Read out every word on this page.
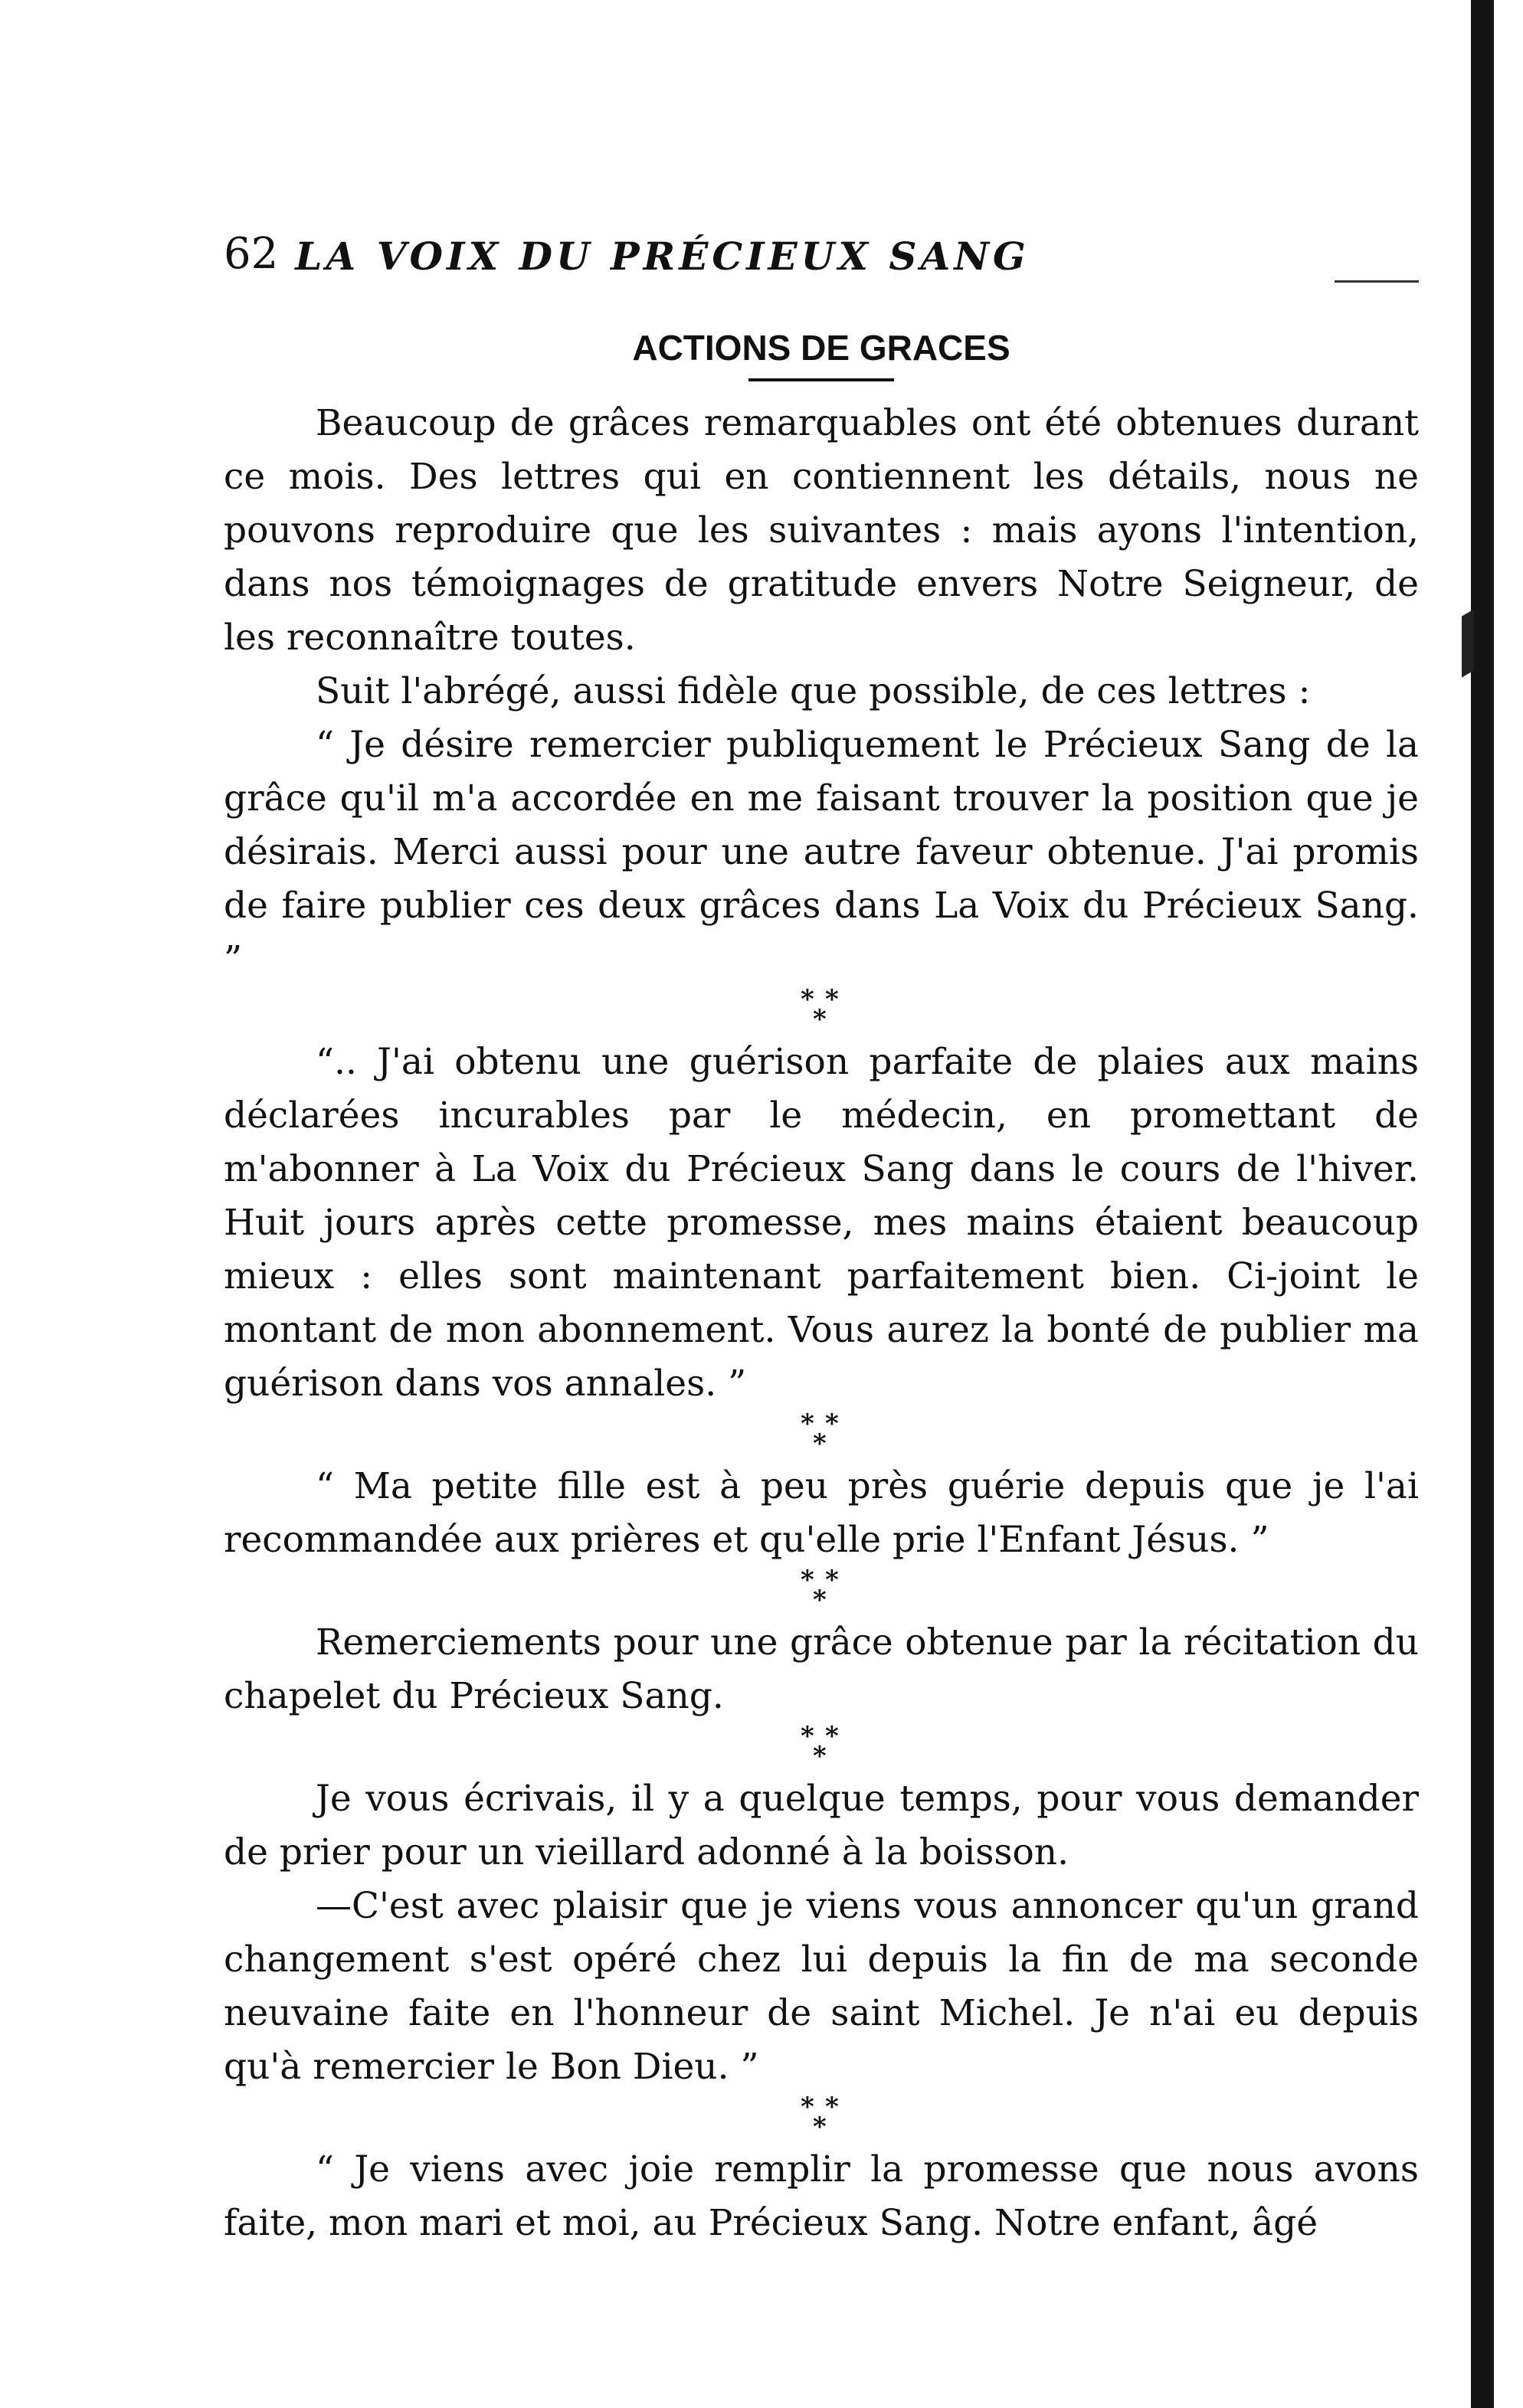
62 LA VOIX DU PRÉCIEUX SANG
ACTIONS DE GRACES

Beaucoup de grâces remarquables ont été obtenues durant ce mois. Des lettres qui en contiennent les détails, nous ne pouvons reproduire que les suivantes : mais ayons l'intention, dans nos témoignages de gratitude envers Notre Seigneur, de les reconnaître toutes.

Suit l'abrégé, aussi fidèle que possible, de ces lettres :

“ Je désire remercier publiquement le Précieux Sang de la grâce qu'il m'a accordée en me faisant trouver la position que je désirais. Merci aussi pour une autre faveur obtenue. J'ai promis de faire publier ces deux grâces dans La Voix du Précieux Sang. ”

* *
*

“.. J'ai obtenu une guérison parfaite de plaies aux mains déclarées incurables par le médecin, en promettant de m'abonner à La Voix du Précieux Sang dans le cours de l'hiver. Huit jours après cette promesse, mes mains étaient beaucoup mieux : elles sont maintenant parfaitement bien. Ci-joint le montant de mon abonnement. Vous aurez la bonté de publier ma guérison dans vos annales. ”

* *
*

“ Ma petite fille est à peu près guérie depuis que je l'ai recommandée aux prières et qu'elle prie l'Enfant Jésus. ”

* *
*

Remerciements pour une grâce obtenue par la récitation du chapelet du Précieux Sang.

* *
*

Je vous écrivais, il y a quelque temps, pour vous demander de prier pour un vieillard adonné à la boisson.

—C'est avec plaisir que je viens vous annoncer qu'un grand changement s'est opéré chez lui depuis la fin de ma seconde neuvaine faite en l'honneur de saint Michel. Je n'ai eu depuis qu'à remercier le Bon Dieu. ”

* *
*

“ Je viens avec joie remplir la promesse que nous avons faite, mon mari et moi, au Précieux Sang. Notre enfant, âgé
